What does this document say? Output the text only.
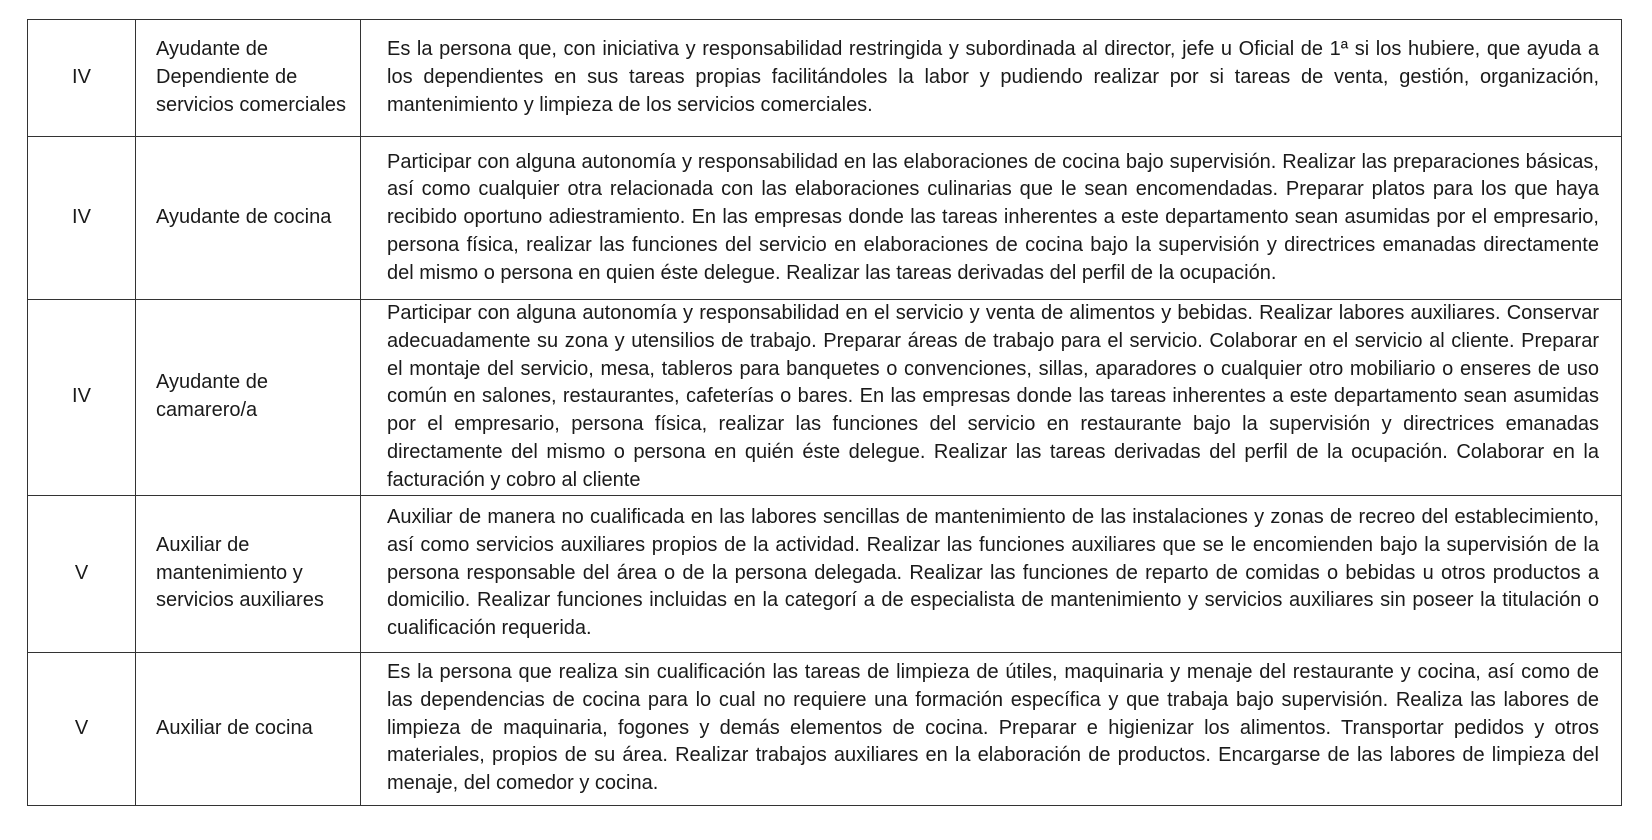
IV	Ayudante de Dependiente de servicios comerciales	Es la persona que, con iniciativa y responsabilidad restringida y subordinada al director, jefe u Oficial de 1ª si los hubiere, que ayuda a los dependientes en sus tareas propias facilitándoles la labor y pudiendo realizar por si tareas de venta, gestión, organización, mantenimiento y limpieza de los servicios comerciales.
IV	Ayudante de cocina	Participar con alguna autonomía y responsabilidad en las elaboraciones de cocina bajo supervisión. Realizar las preparaciones básicas, así como cualquier otra relacionada con las elaboraciones culinarias que le sean encomendadas. Preparar platos para los que haya recibido oportuno adiestramiento. En las empresas donde las tareas inherentes a este departamento sean asumidas por el empresario, persona física, realizar las funciones del servicio en elaboraciones de cocina bajo la supervisión y directrices emanadas directamente del mismo o persona en quien éste delegue. Realizar las tareas derivadas del perfil de la ocupación.
IV	Ayudante de camarero/a	Participar con alguna autonomía y responsabilidad en el servicio y venta de alimentos y bebidas. Realizar labores auxiliares. Conservar adecuadamente su zona y utensilios de trabajo. Preparar áreas de trabajo para el servicio. Colaborar en el servicio al cliente. Preparar el montaje del servicio, mesa, tableros para banquetes o convenciones, sillas, aparadores o cualquier otro mobiliario o enseres de uso común en salones, restaurantes, cafeterías o bares. En las empresas donde las tareas inherentes a este departamento sean asumidas por el empresario, persona física, realizar las funciones del servicio en restaurante bajo la supervisión y directrices emanadas directamente del mismo o persona en quién éste delegue. Realizar las tareas derivadas del perfil de la ocupación. Colaborar en la facturación y cobro al cliente
V	Auxiliar de mantenimiento y servicios auxiliares	Auxiliar de manera no cualificada en las labores sencillas de mantenimiento de las instalaciones y zonas de recreo del establecimiento, así como servicios auxiliares propios de la actividad. Realizar las funciones auxiliares que se le encomienden bajo la supervisión de la persona responsable del área o de la persona delegada. Realizar las funciones de reparto de comidas o bebidas u otros productos a domicilio. Realizar funciones incluidas en la categorí a de especialista de mantenimiento y servicios auxiliares sin poseer la titulación o cualificación requerida.
V	Auxiliar de cocina	Es la persona que realiza sin cualificación las tareas de limpieza de útiles, maquinaria y menaje del restaurante y cocina, así como de las dependencias de cocina para lo cual no requiere una formación específica y que trabaja bajo supervisión. Realiza las labores de limpieza de maquinaria, fogones y demás elementos de cocina. Preparar e higienizar los alimentos. Transportar pedidos y otros materiales, propios de su área. Realizar trabajos auxiliares en la elaboración de productos. Encargarse de las labores de limpieza del menaje, del comedor y cocina.
